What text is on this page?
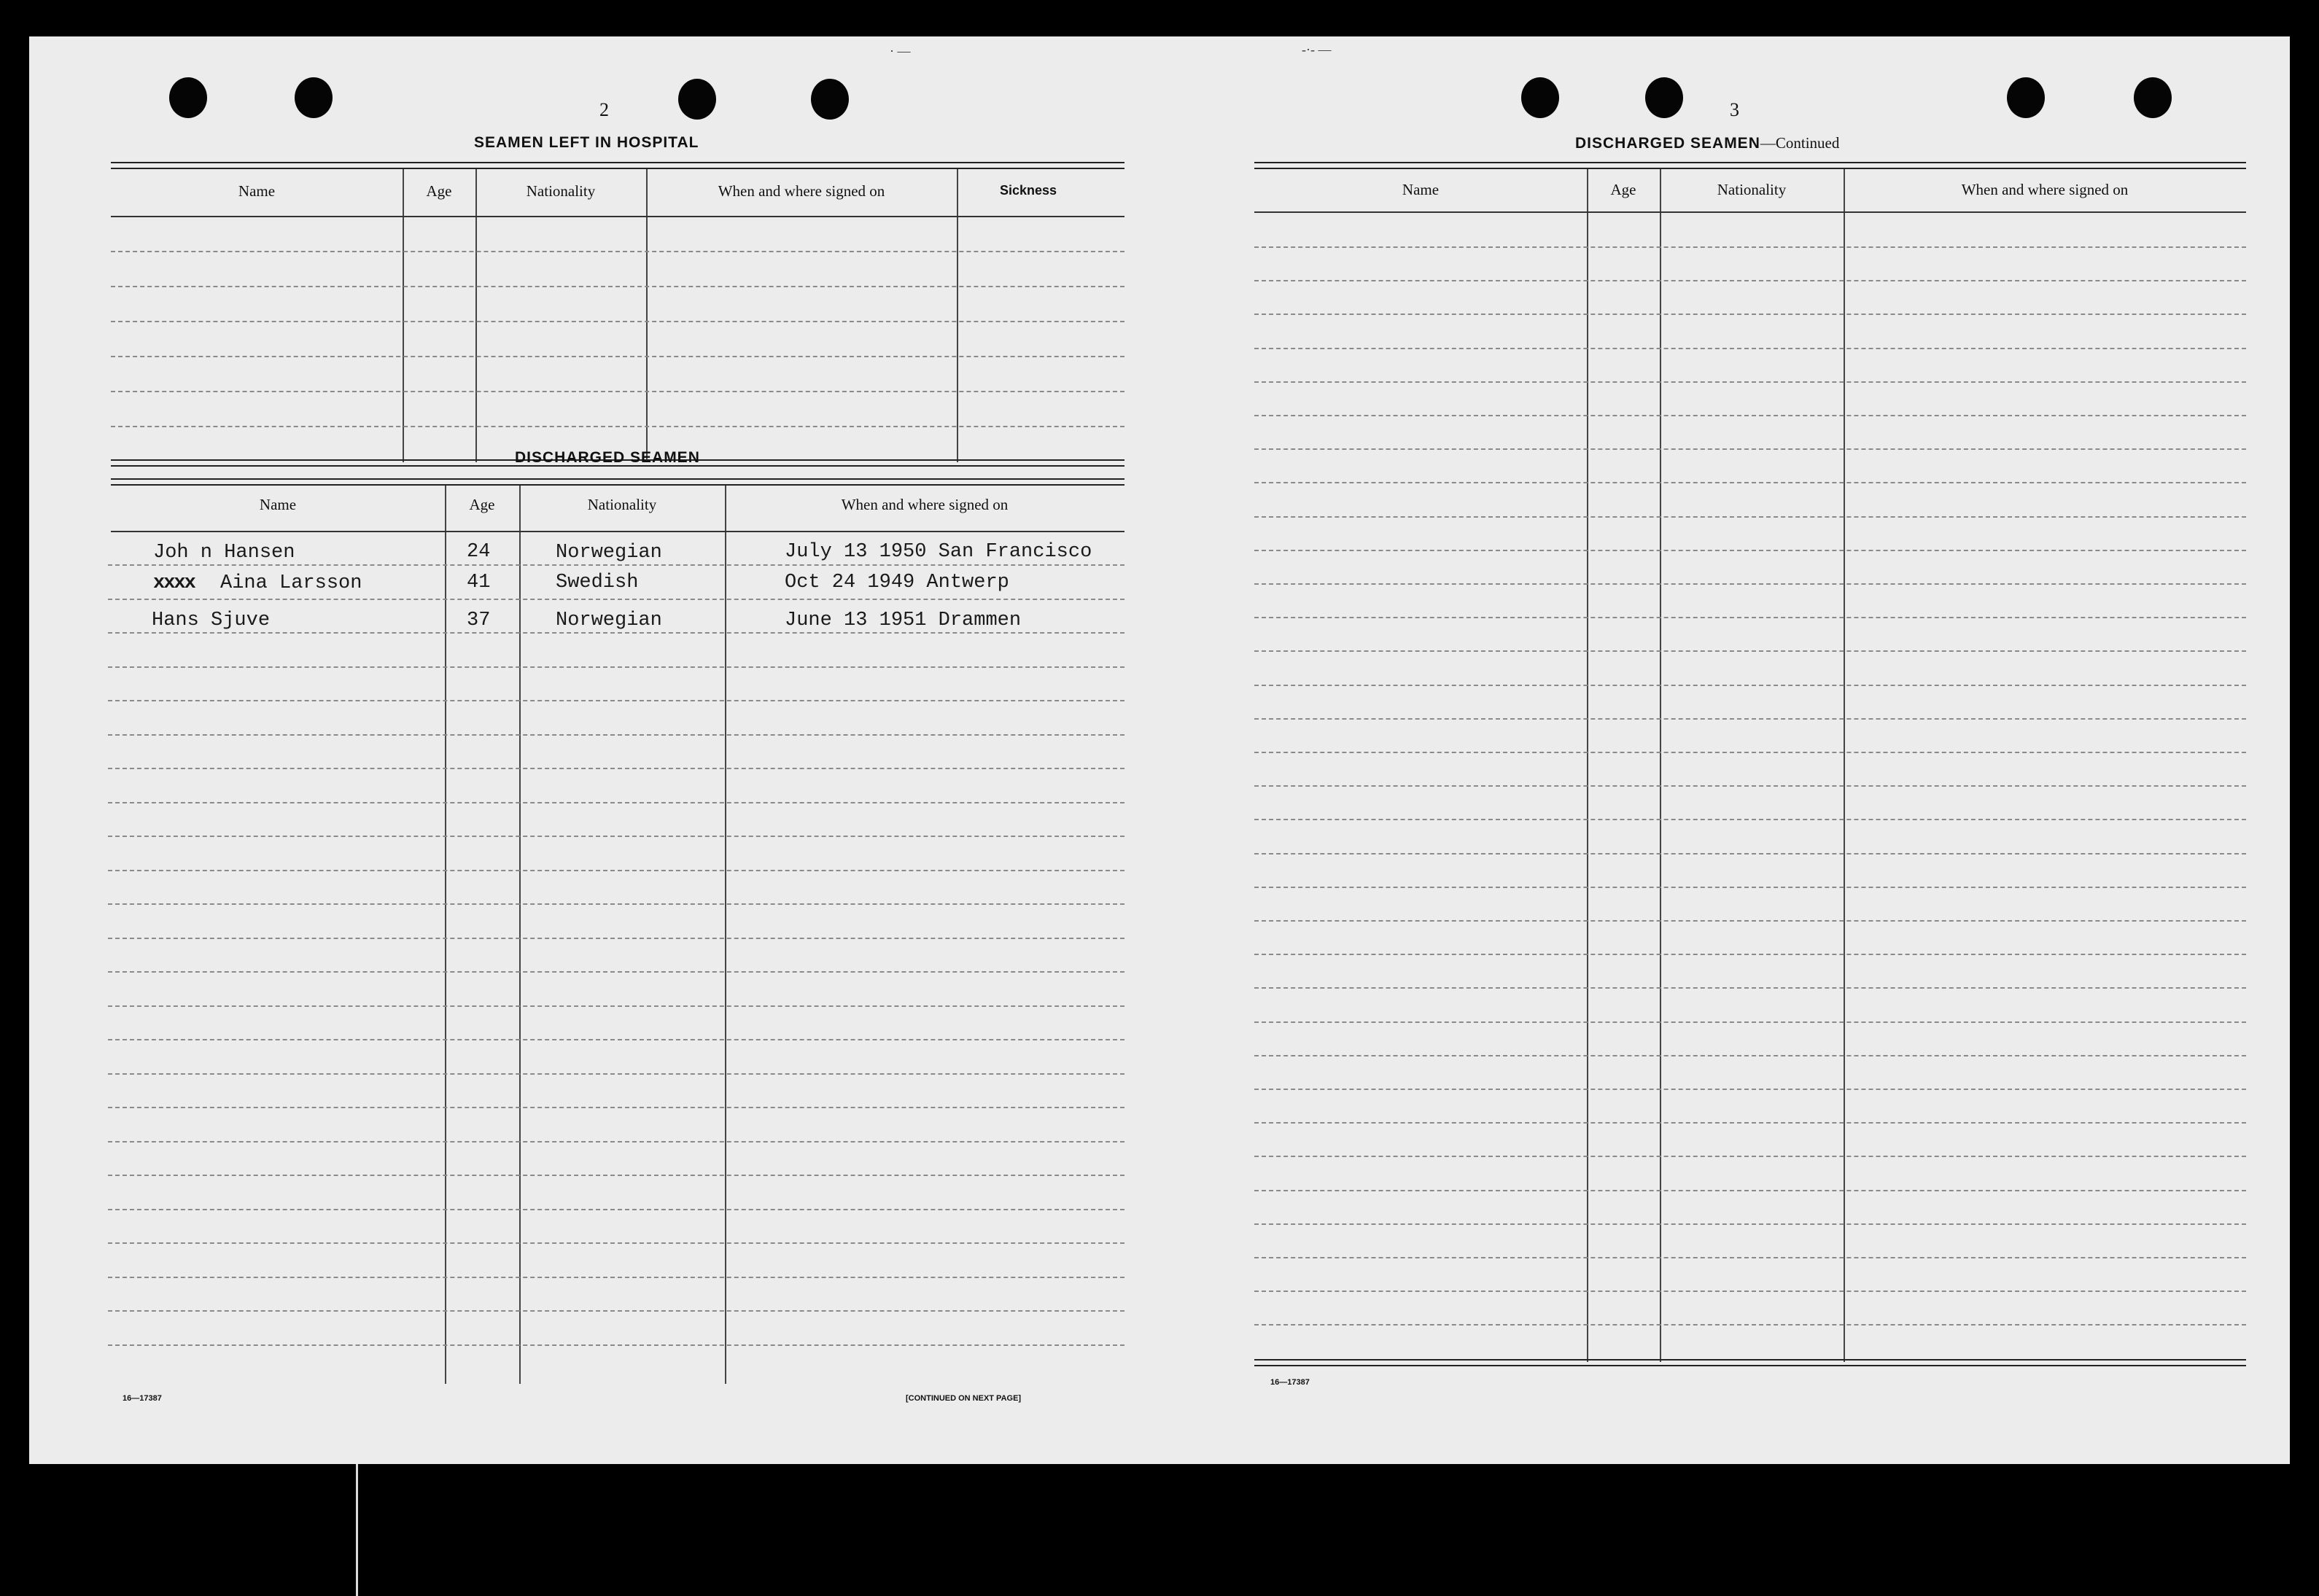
· —	-·- —
2
SEAMEN LEFT IN HOSPITAL
Name	Age	Nationality	When and where signed on	Sickness
DISCHARGED SEAMEN
Name	Age	Nationality	When and where signed on
Joh n Hansen	24	Norwegian	July 13 1950 San Francisco
xxxx Aina Larsson	41	Swedish	Oct 24 1949 Antwerp
Hans Sjuve	37	Norwegian	June 13 1951 Drammen
16—17387	[CONTINUED ON NEXT PAGE]
3
DISCHARGED SEAMEN—Continued
Name	Age	Nationality	When and where signed on
16—17387
